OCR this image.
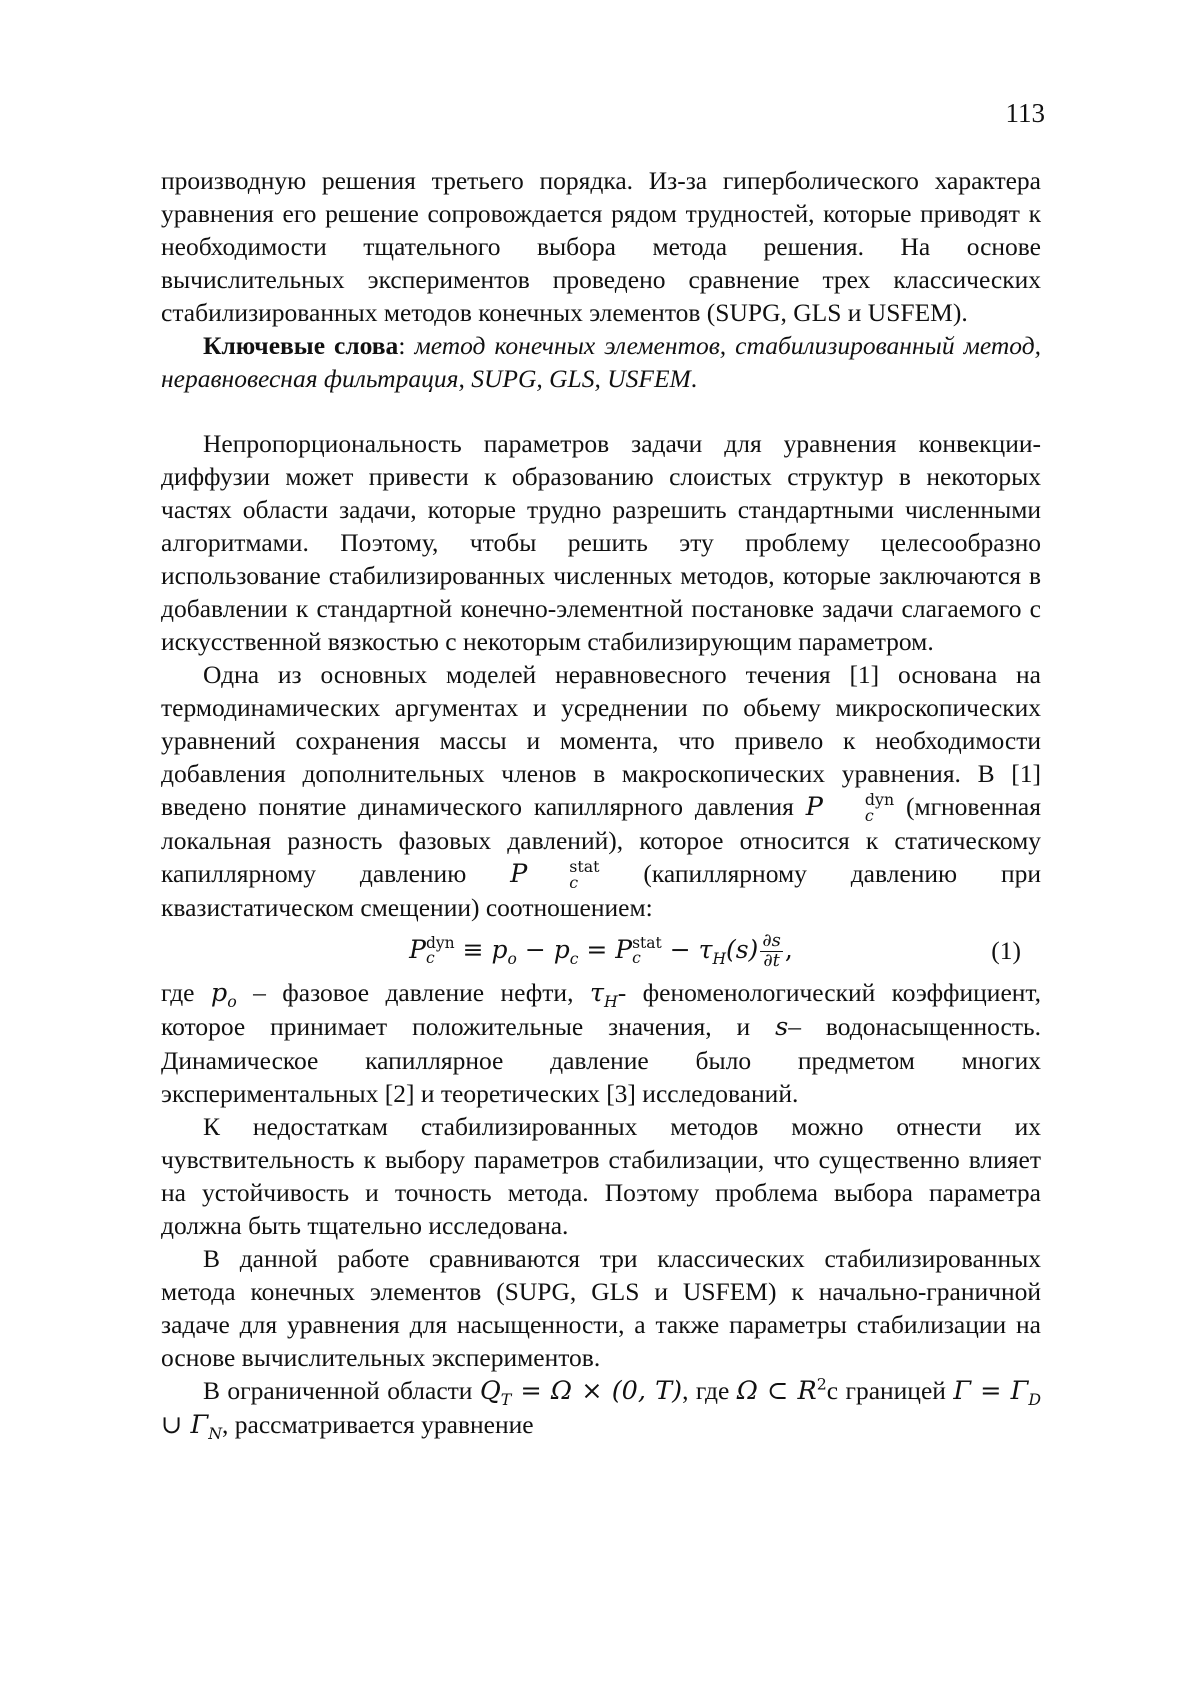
113

производную решения третьего порядка. Из-за гиперболического характера уравнения его решение сопровождается рядом трудностей, которые приводят к необходимости тщательного выбора метода решения. На основе вычислительных экспериментов проведено сравнение трех классических стабилизированных методов конечных элементов (SUPG, GLS и USFEM).

Ключевые слова: метод конечных элементов, стабилизированный метод, неравновесная фильтрация, SUPG, GLS, USFEM.

Непропорциональность параметров задачи для уравнения конвекции-диффузии может привести к образованию слоистых структур в некоторых частях области задачи, которые трудно разрешить стандартными численными алгоритмами. Поэтому, чтобы решить эту проблему целесообразно использование стабилизированных численных методов, которые заключаются в добавлении к стандартной конечно-элементной постановке задачи слагаемого с искусственной вязкостью с некоторым стабилизирующим параметром.

Одна из основных моделей неравновесного течения [1] основана на термодинамических аргументах и усреднении по обьему микроскопических уравнений сохранения массы и момента, что привело к необходимости добавления дополнительных членов в макроскопических уравнения. В [1] введено понятие динамического капиллярного давления P	dyn
c (мгновенная локальная разность фазовых давлений), которое относится к статическому капиллярному давлению P	stat
c (капиллярному давлению при квазистатическом смещении) соотношением:

P dyn
c ≡ po − pc = P stat
c − τH(s) ∂s
∂t ,	(1)

где po – фазовое давление нефти, τH- феноменологический коэффициент, которое принимает положительные значения, и s– водонасыщенность. Динамическое капиллярное давление было предметом многих экспериментальных [2] и теоретических [3] исследований.

К недостаткам стабилизированных методов можно отнести их чувствительность к выбору параметров стабилизации, что существенно влияет на устойчивость и точность метода. Поэтому проблема выбора параметра должна быть тщательно исследована.

В данной работе сравниваются три классических стабилизированных метода конечных элементов (SUPG, GLS и USFEM) к начально-граничной задаче для уравнения для насыщенности, а также параметры стабилизации на основе вычислительных экспериментов.

В ограниченной области QT = Ω × (0, T), где Ω ⊂ R2с границей Γ = ΓD ∪ ΓN, рассматривается уравнение
